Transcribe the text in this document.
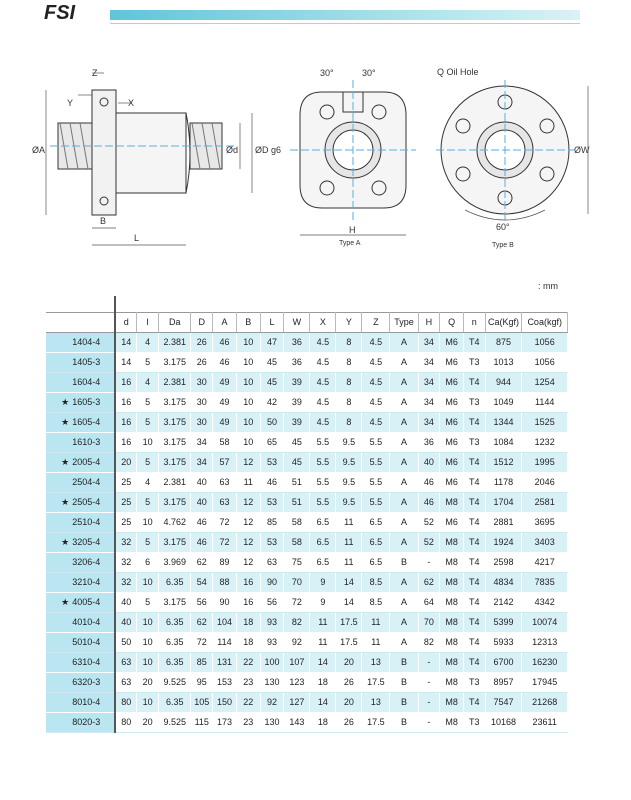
FSI
Z
Y	X
ØA	Ød ØD g6
B
L
30°	30°
H
Type A
Q Oil Hole
ØW
60°
Type B
: mm

	d	I	Da	D	A	B	L	W	X	Y	Z	Type	H	Q	n	Ca(Kgf)	Coa(kgf)
1404-4	14	4	2.381	26	46	10	47	36	4.5	8	4.5	A	34	M6	T4	875	1056
1405-3	14	5	3.175	26	46	10	45	36	4.5	8	4.5	A	34	M6	T3	1013	1056
1604-4	16	4	2.381	30	49	10	45	39	4.5	8	4.5	A	34	M6	T4	944	1254
★ 1605-3	16	5	3.175	30	49	10	42	39	4.5	8	4.5	A	34	M6	T3	1049	1144
★ 1605-4	16	5	3.175	30	49	10	50	39	4.5	8	4.5	A	34	M6	T4	1344	1525
1610-3	16	10	3.175	34	58	10	65	45	5.5	9.5	5.5	A	36	M6	T3	1084	1232
★ 2005-4	20	5	3.175	34	57	12	53	45	5.5	9.5	5.5	A	40	M6	T4	1512	1995
2504-4	25	4	2.381	40	63	11	46	51	5.5	9.5	5.5	A	46	M6	T4	1178	2046
★ 2505-4	25	5	3.175	40	63	12	53	51	5.5	9.5	5.5	A	46	M8	T4	1704	2581
2510-4	25	10	4.762	46	72	12	85	58	6.5	11	6.5	A	52	M6	T4	2881	3695
★ 3205-4	32	5	3.175	46	72	12	53	58	6.5	11	6.5	A	52	M8	T4	1924	3403
3206-4	32	6	3.969	62	89	12	63	75	6.5	11	6.5	B	-	M8	T4	2598	4217
3210-4	32	10	6.35	54	88	16	90	70	9	14	8.5	A	62	M8	T4	4834	7835
★ 4005-4	40	5	3.175	56	90	16	56	72	9	14	8.5	A	64	M8	T4	2142	4342
4010-4	40	10	6.35	62	104	18	93	82	11	17.5	11	A	70	M8	T4	5399	10074
5010-4	50	10	6.35	72	114	18	93	92	11	17.5	11	A	82	M8	T4	5933	12313
6310-4	63	10	6.35	85	131	22	100	107	14	20	13	B	-	M8	T4	6700	16230
6320-3	63	20	9.525	95	153	23	130	123	18	26	17.5	B	-	M8	T3	8957	17945
8010-4	80	10	6.35	105	150	22	92	127	14	20	13	B	-	M8	T4	7547	21268
8020-3	80	20	9.525	115	173	23	130	143	18	26	17.5	B	-	M8	T3	10168	23611
